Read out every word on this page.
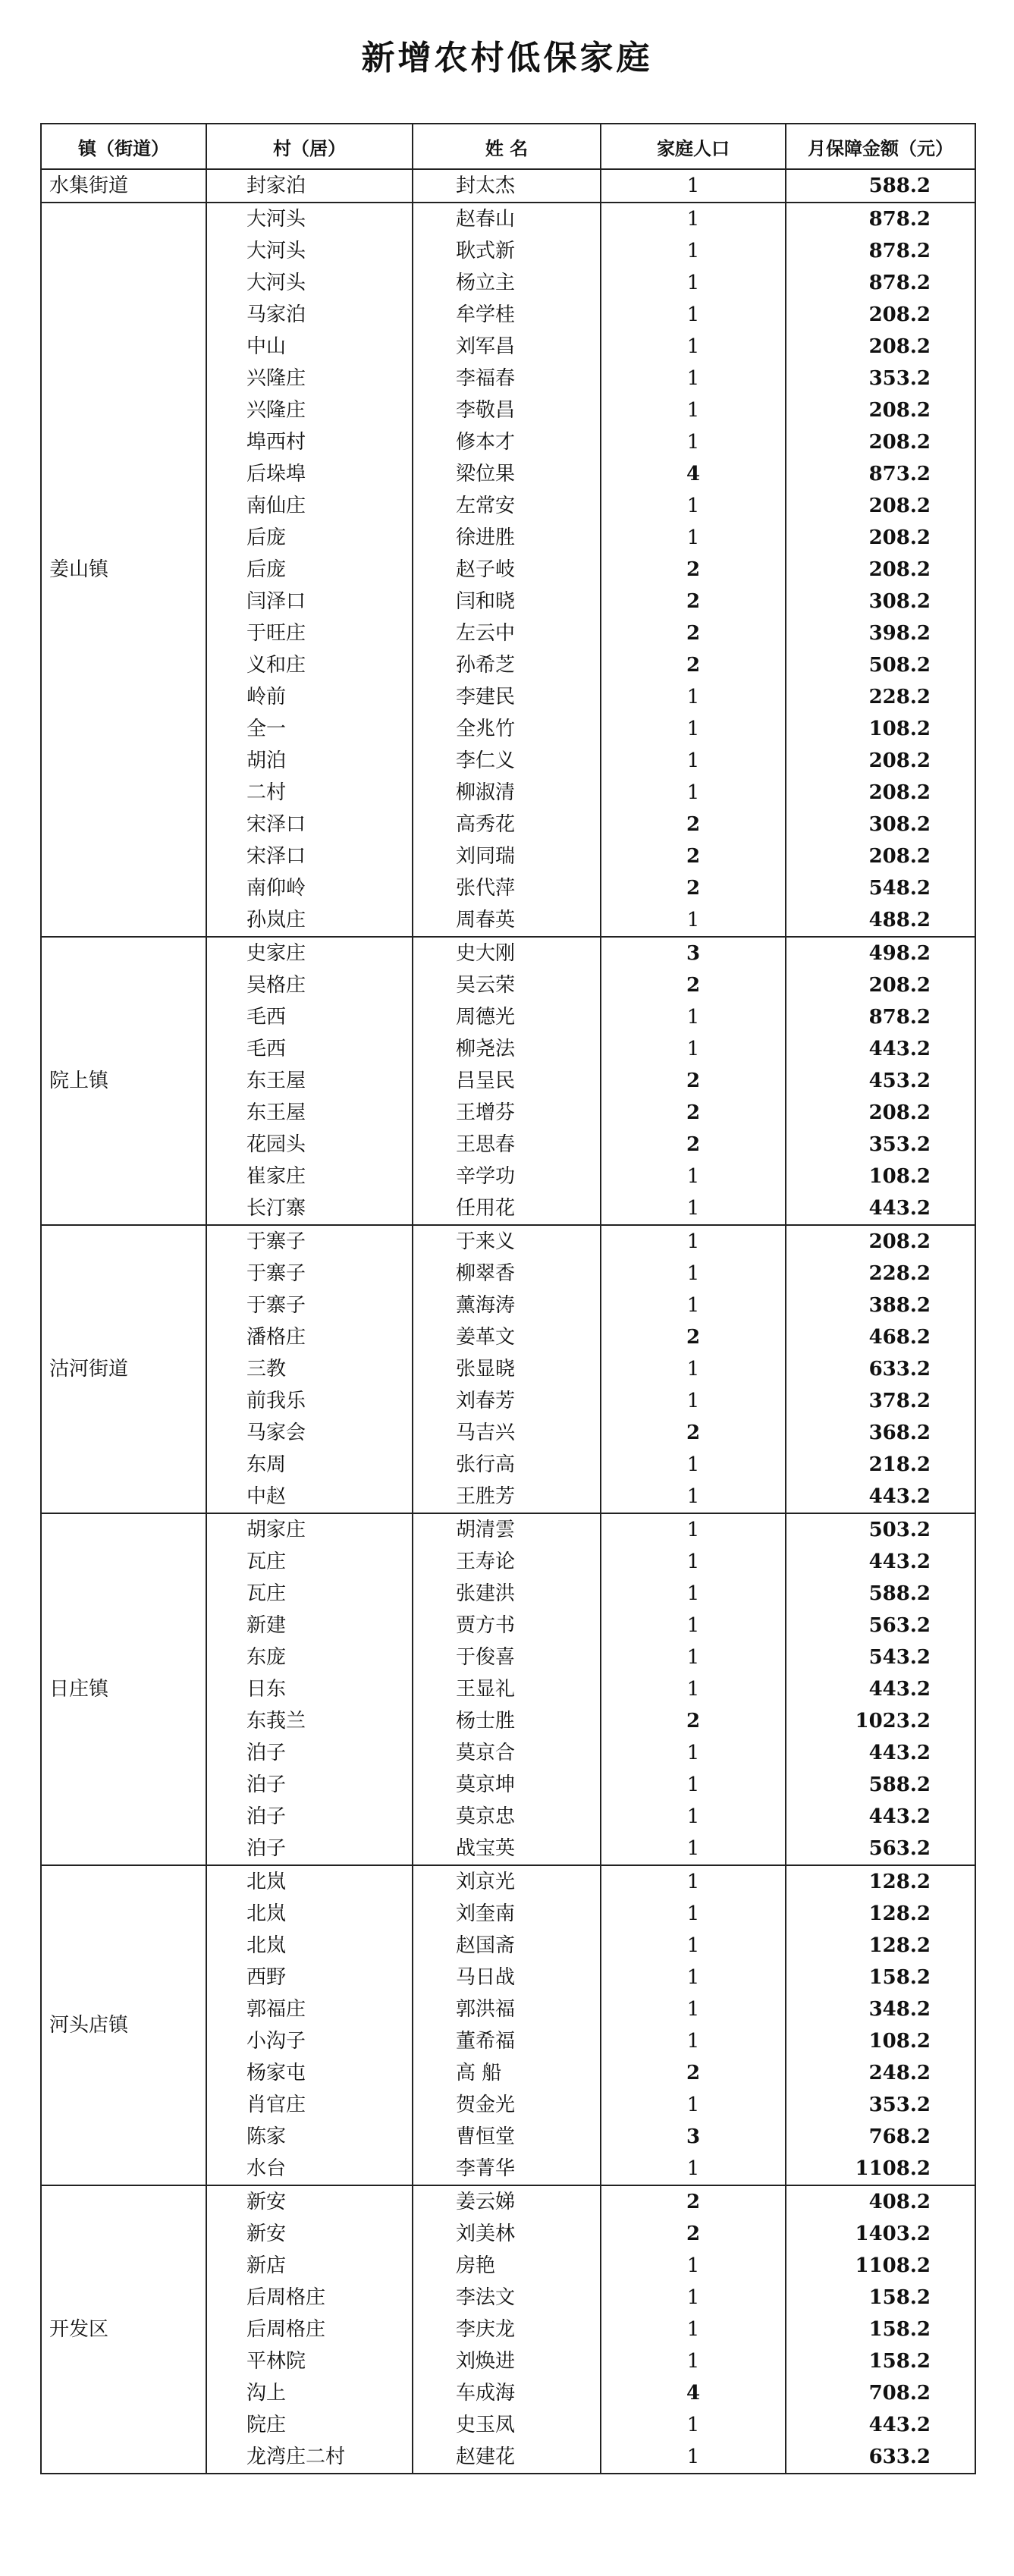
新增农村低保家庭
镇（街道）	村（居）	姓 名	家庭人口	月保障金额（元）
水集街道	封家泊	封太杰	1	588.2
姜山镇	大河头	赵春山	1	878.2
	大河头	耿式新	1	878.2
	大河头	杨立主	1	878.2
	马家泊	牟学桂	1	208.2
	中山	刘军昌	1	208.2
	兴隆庄	李福春	1	353.2
	兴隆庄	李敬昌	1	208.2
	埠西村	修本才	1	208.2
	后垛埠	梁位果	4	873.2
	南仙庄	左常安	1	208.2
	后庞	徐进胜	1	208.2
	后庞	赵子岐	2	208.2
	闫泽口	闫和晓	2	308.2
	于旺庄	左云中	2	398.2
	义和庄	孙希芝	2	508.2
	岭前	李建民	1	228.2
	全一	全兆竹	1	108.2
	胡泊	李仁义	1	208.2
	二村	柳淑清	1	208.2
	宋泽口	高秀花	2	308.2
	宋泽口	刘同瑞	2	208.2
	南仰岭	张代萍	2	548.2
	孙岚庄	周春英	1	488.2
院上镇	史家庄	史大刚	3	498.2
	吴格庄	吴云荣	2	208.2
	毛西	周德光	1	878.2
	毛西	柳尧法	1	443.2
	东王屋	吕呈民	2	453.2
	东王屋	王增芬	2	208.2
	花园头	王思春	2	353.2
	崔家庄	辛学功	1	108.2
	长汀寨	任用花	1	443.2
沽河街道	于寨子	于来义	1	208.2
	于寨子	柳翠香	1	228.2
	于寨子	薰海涛	1	388.2
	潘格庄	姜革文	2	468.2
	三教	张显晓	1	633.2
	前我乐	刘春芳	1	378.2
	马家会	马吉兴	2	368.2
	东周	张行高	1	218.2
	中赵	王胜芳	1	443.2
日庄镇	胡家庄	胡清雲	1	503.2
	瓦庄	王寿论	1	443.2
	瓦庄	张建洪	1	588.2
	新建	贾方书	1	563.2
	东庞	于俊喜	1	543.2
	日东	王显礼	1	443.2
	东莪兰	杨士胜	2	1023.2
	泊子	莫京合	1	443.2
	泊子	莫京坤	1	588.2
	泊子	莫京忠	1	443.2
	泊子	战宝英	1	563.2
河头店镇	北岚	刘京光	1	128.2
	北岚	刘奎南	1	128.2
	北岚	赵国斋	1	128.2
	西野	马日战	1	158.2
	郭福庄	郭洪福	1	348.2
	小沟子	董希福	1	108.2
	杨家屯	高 船	2	248.2
	肖官庄	贺金光	1	353.2
	陈家	曹恒堂	3	768.2
	水台	李菁华	1	1108.2
开发区	新安	姜云娣	2	408.2
	新安	刘美林	2	1403.2
	新店	房艳	1	1108.2
	后周格庄	李法文	1	158.2
	后周格庄	李庆龙	1	158.2
	平林院	刘焕进	1	158.2
	沟上	车成海	4	708.2
	院庄	史玉凤	1	443.2
	龙湾庄二村	赵建花	1	633.2
